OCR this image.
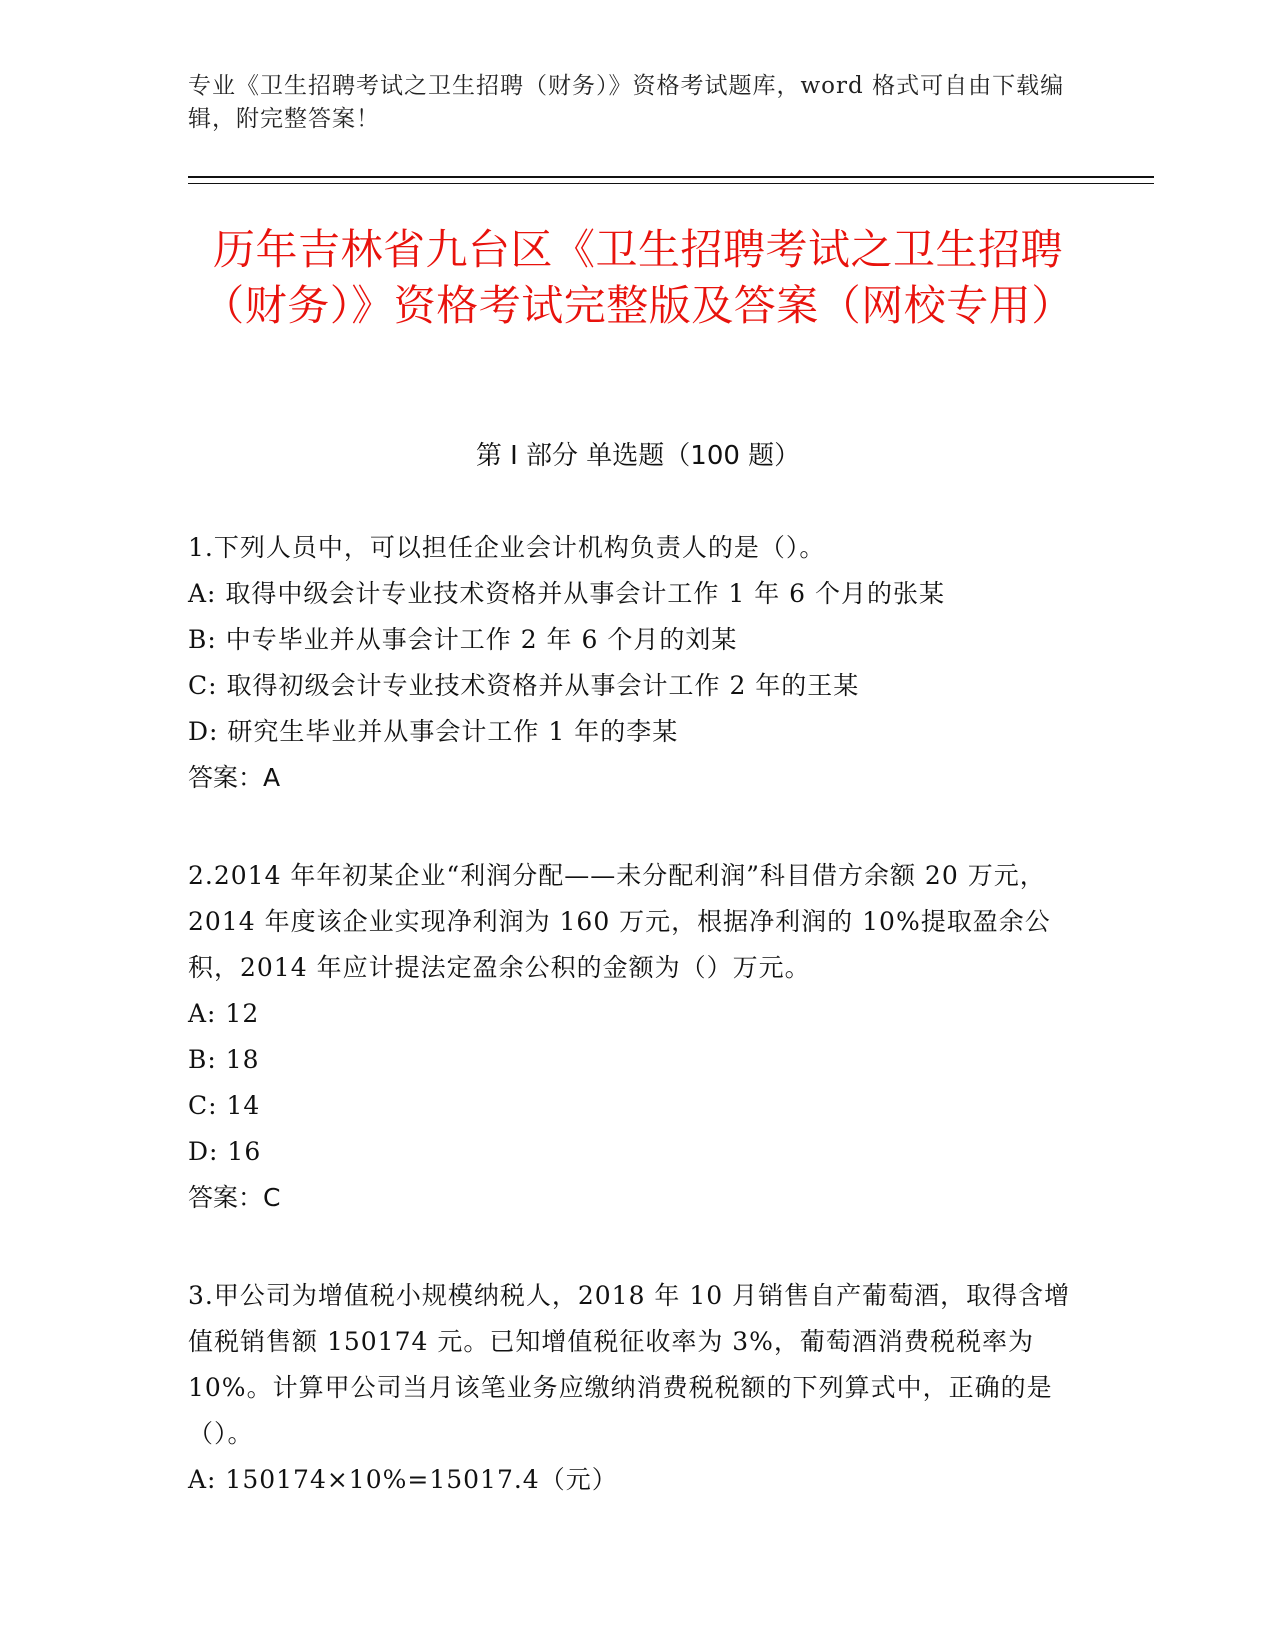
专业《卫生招聘考试之卫生招聘（财务）》资格考试题库，word 格式可自由下载编辑，附完整答案！
历年吉林省九台区《卫生招聘考试之卫生招聘（财务）》资格考试完整版及答案（网校专用）
第 I 部分 单选题（100 题）
1.下列人员中，可以担任企业会计机构负责人的是（）。
A: 取得中级会计专业技术资格并从事会计工作 1 年 6 个月的张某
B: 中专毕业并从事会计工作 2 年 6 个月的刘某
C: 取得初级会计专业技术资格并从事会计工作 2 年的王某
D: 研究生毕业并从事会计工作 1 年的李某
答案：A
2.2014 年年初某企业“利润分配——未分配利润”科目借方余额 20 万元，2014 年度该企业实现净利润为 160 万元，根据净利润的 10%提取盈余公积，2014 年应计提法定盈余公积的金额为（）万元。
A: 12
B: 18
C: 14
D: 16
答案：C
3.甲公司为增值税小规模纳税人，2018 年 10 月销售自产葡萄酒，取得含增值税销售额 150174 元。已知增值税征收率为 3%，葡萄酒消费税税率为 10%。计算甲公司当月该笔业务应缴纳消费税税额的下列算式中，正确的是（）。
A: 150174×10%=15017.4（元）
